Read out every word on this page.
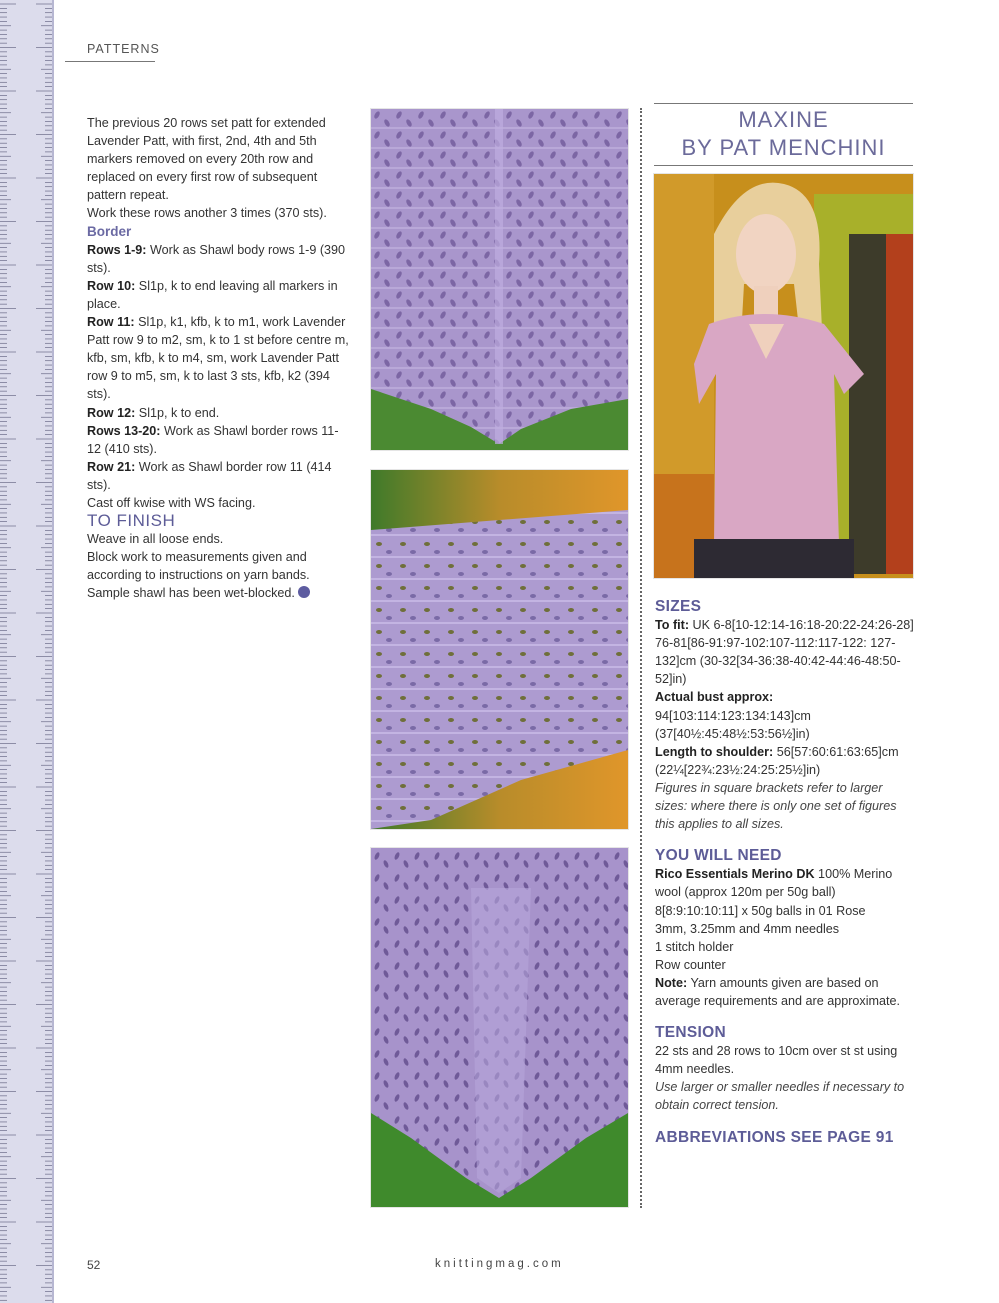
PATTERNS

The previous 20 rows set patt for extended Lavender Patt, with first, 2nd, 4th and 5th markers removed on every 20th row and replaced on every first row of subsequent pattern repeat.

Work these rows another 3 times (370 sts).

Border

Rows 1-9: Work as Shawl body rows 1-9 (390 sts).

Row 10: Sl1p, k to end leaving all markers in place.

Row 11: Sl1p, k1, kfb, k to m1, work Lavender Patt row 9 to m2, sm, k to 1 st before centre m, kfb, sm, kfb, k to m4, sm, work Lavender Patt row 9 to m5, sm, k to last 3 sts, kfb, k2 (394 sts).

Row 12: Sl1p, k to end.

Rows 13-20: Work as Shawl border rows 11-12 (410 sts).

Row 21: Work as Shawl border row 11 (414 sts).

Cast off kwise with WS facing.

TO FINISH

Weave in all loose ends.

Block work to measurements given and according to instructions on yarn bands.

Sample shawl has been wet-blocked.

MAXINE
BY PAT MENCHINI

SIZES

To fit: UK 6-8[10-12:14-16:18-20:22-24:26-28] 76-81[86-91:97-102:107-112:117-122: 127-132]cm (30-32[34-36:38-40:42-44:46-48:50-52]in)

Actual bust approx:

94[103:114:123:134:143]cm (37[40½:45:48½:53:56½]in)

Length to shoulder: 56[57:60:61:63:65]cm (22¼[22¾:23½:24:25:25½]in)

Figures in square brackets refer to larger sizes: where there is only one set of figures this applies to all sizes.

YOU WILL NEED

Rico Essentials Merino DK 100% Merino wool (approx 120m per 50g ball)

8[8:9:10:10:11] x 50g balls in 01 Rose

3mm, 3.25mm and 4mm needles

1 stitch holder

Row counter

Note: Yarn amounts given are based on average requirements and are approximate.

TENSION

22 sts and 28 rows to 10cm over st st using 4mm needles.

Use larger or smaller needles if necessary to obtain correct tension.

ABBREVIATIONS SEE PAGE 91

52	knittingmag.com
